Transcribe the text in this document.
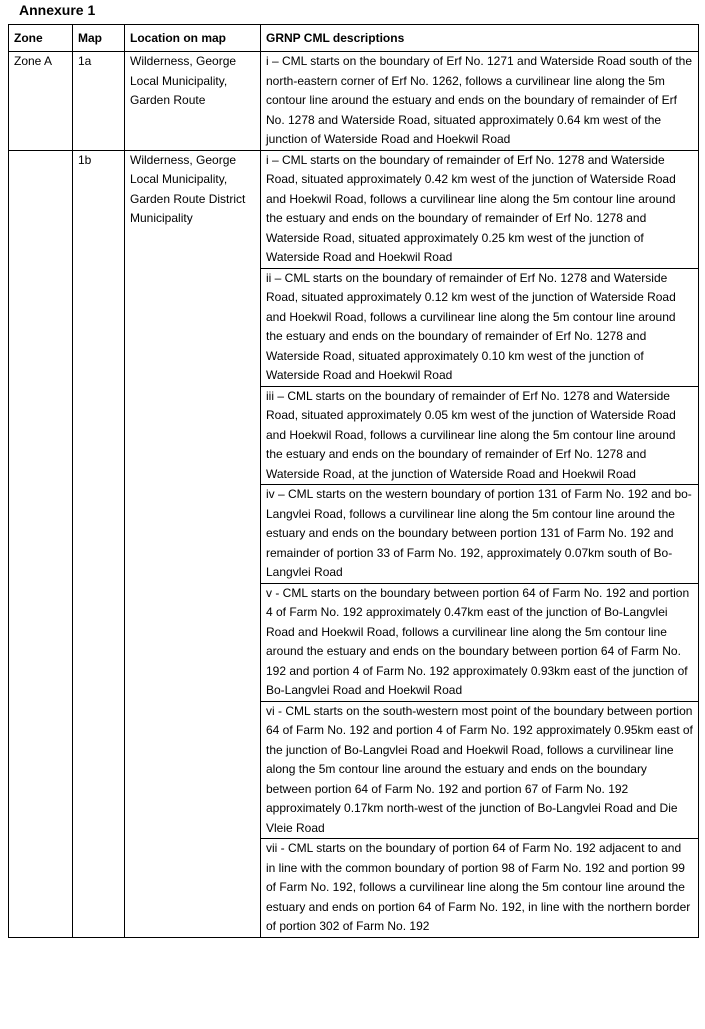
Annexure 1
Zone	Map	Location on map	GRNP CML descriptions
Zone A	1a	Wilderness, George Local Municipality, Garden Route	i – CML starts on the boundary of Erf No. 1271 and Waterside Road south of the north-eastern corner of Erf No. 1262, follows a curvilinear line along the 5m contour line around the estuary and ends on the boundary of remainder of Erf No. 1278 and Waterside Road, situated approximately 0.64 km west of the junction of Waterside Road and Hoekwil Road
	1b	Wilderness, George Local Municipality, Garden Route District Municipality	i – CML starts on the boundary of remainder of Erf No. 1278 and Waterside Road, situated approximately 0.42 km west of the junction of Waterside Road and Hoekwil Road, follows a curvilinear line along the 5m contour line around the estuary and ends on the boundary of remainder of Erf No. 1278 and Waterside Road, situated approximately 0.25 km west of the junction of Waterside Road and Hoekwil Road
			ii – CML starts on the boundary of remainder of Erf No. 1278 and Waterside Road, situated approximately 0.12 km west of the junction of Waterside Road and Hoekwil Road, follows a curvilinear line along the 5m contour line around the estuary and ends on the boundary of remainder of Erf No. 1278 and Waterside Road, situated approximately 0.10 km west of the junction of Waterside Road and Hoekwil Road
			iii – CML starts on the boundary of remainder of Erf No. 1278 and Waterside Road, situated approximately 0.05 km west of the junction of Waterside Road and Hoekwil Road, follows a curvilinear line along the 5m contour line around the estuary and ends on the boundary of remainder of Erf No. 1278 and Waterside Road, at the junction of Waterside Road and Hoekwil Road
			iv – CML starts on the western boundary of portion 131 of Farm No. 192 and bo-Langvlei Road, follows a curvilinear line along the 5m contour line around the estuary and ends on the boundary between portion 131 of Farm No. 192 and remainder of portion 33 of Farm No. 192, approximately 0.07km south of Bo-Langvlei Road
			v - CML starts on the boundary between portion 64 of Farm No. 192 and portion 4 of Farm No. 192 approximately 0.47km east of the junction of Bo-Langvlei Road and Hoekwil Road, follows a curvilinear line along the 5m contour line around the estuary and ends on the boundary between portion 64 of Farm No. 192 and portion 4 of Farm No. 192 approximately 0.93km east of the junction of Bo-Langvlei Road and Hoekwil Road
			vi - CML starts on the south-western most point of the boundary between portion 64 of Farm No. 192 and portion 4 of Farm No. 192 approximately 0.95km east of the junction of Bo-Langvlei Road and Hoekwil Road, follows a curvilinear line along the 5m contour line around the estuary and ends on the boundary between portion 64 of Farm No. 192 and portion 67 of Farm No. 192 approximately 0.17km north-west of the junction of Bo-Langvlei Road and Die Vleie Road
			vii - CML starts on the boundary of portion 64 of Farm No. 192 adjacent to and in line with the common boundary of portion 98 of Farm No. 192 and portion 99 of Farm No. 192, follows a curvilinear line along the 5m contour line around the estuary and ends on portion 64 of Farm No. 192, in line with the northern border of portion 302 of Farm No. 192
